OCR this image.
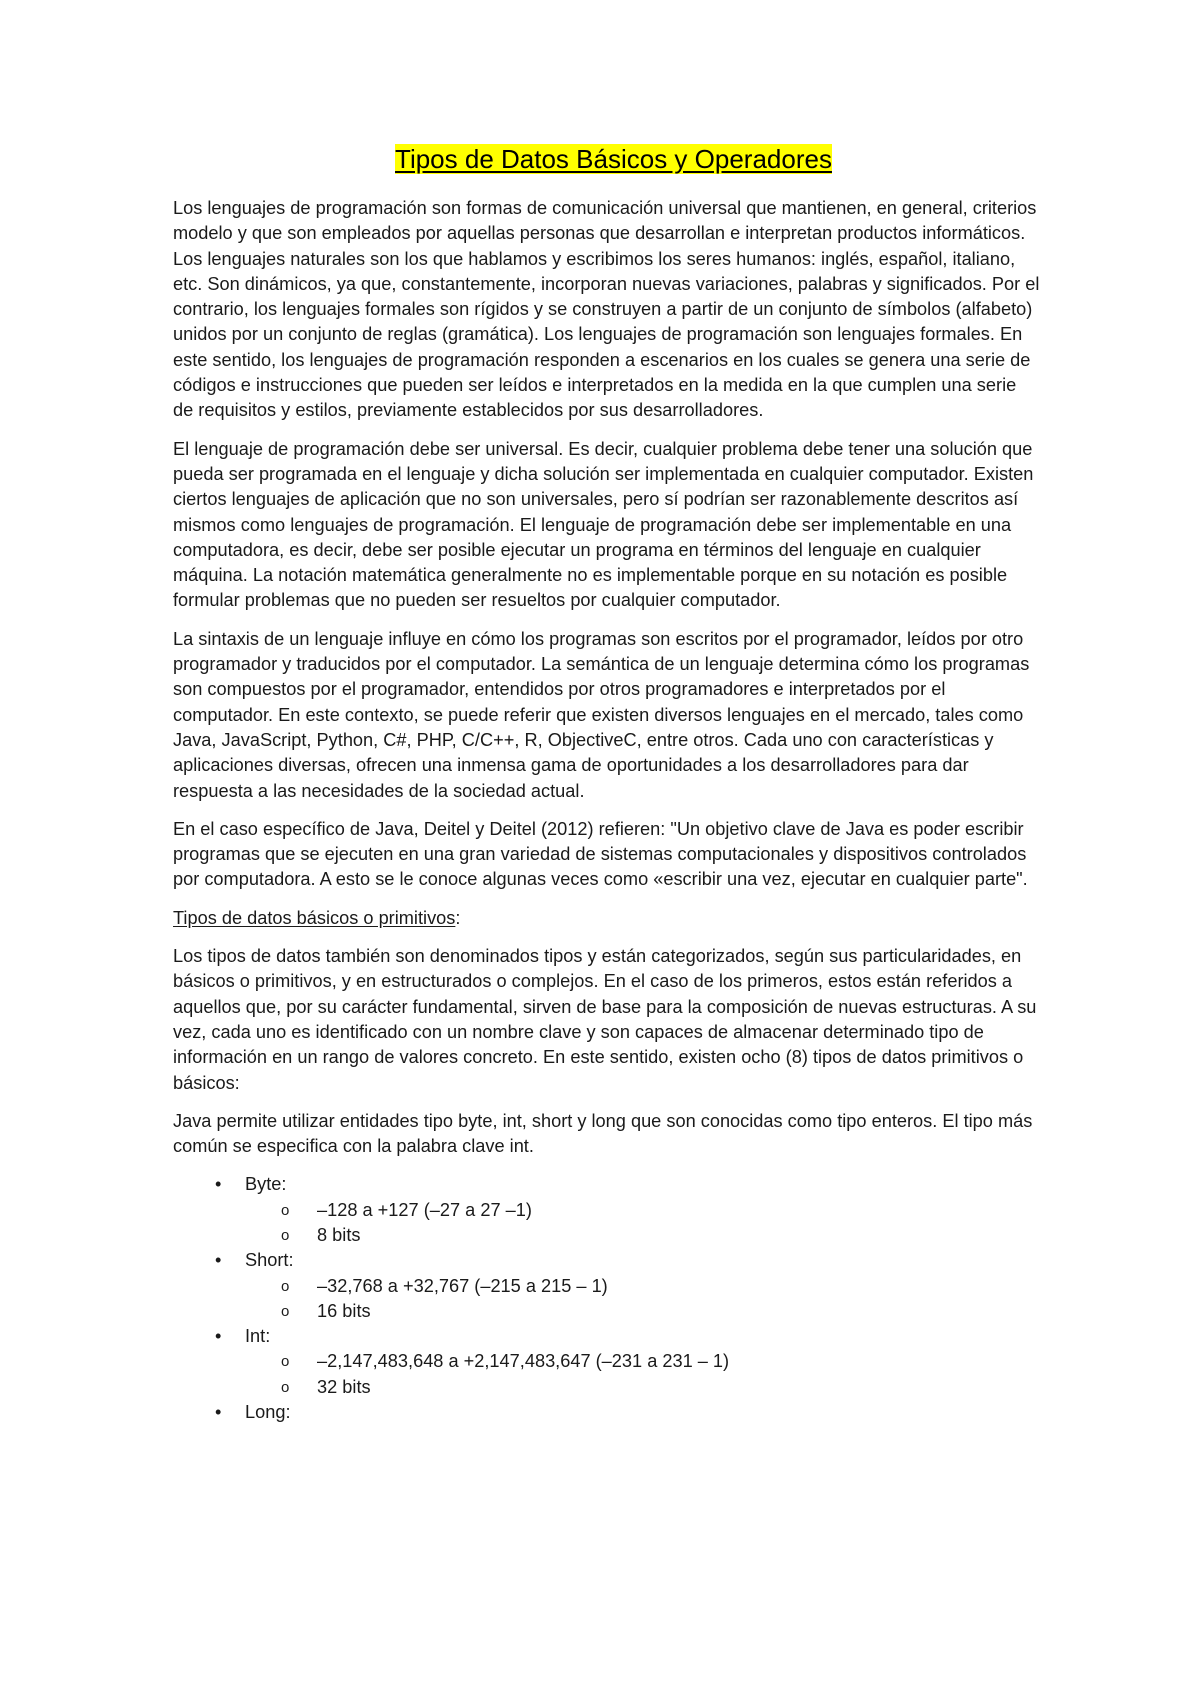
Tipos de Datos Básicos y Operadores

Los lenguajes de programación son formas de comunicación universal que mantienen, en general, criterios modelo y que son empleados por aquellas personas que desarrollan e interpretan productos informáticos. Los lenguajes naturales son los que hablamos y escribimos los seres humanos: inglés, español, italiano, etc. Son dinámicos, ya que, constantemente, incorporan nuevas variaciones, palabras y significados. Por el contrario, los lenguajes formales son rígidos y se construyen a partir de un conjunto de símbolos (alfabeto) unidos por un conjunto de reglas (gramática). Los lenguajes de programación son lenguajes formales. En este sentido, los lenguajes de programación responden a escenarios en los cuales se genera una serie de códigos e instrucciones que pueden ser leídos e interpretados en la medida en la que cumplen una serie de requisitos y estilos, previamente establecidos por sus desarrolladores.

El lenguaje de programación debe ser universal. Es decir, cualquier problema debe tener una solución que pueda ser programada en el lenguaje y dicha solución ser implementada en cualquier computador. Existen ciertos lenguajes de aplicación que no son universales, pero sí podrían ser razonablemente descritos así mismos como lenguajes de programación. El lenguaje de programación debe ser implementable en una computadora, es decir, debe ser posible ejecutar un programa en términos del lenguaje en cualquier máquina. La notación matemática generalmente no es implementable porque en su notación es posible formular problemas que no pueden ser resueltos por cualquier computador.

La sintaxis de un lenguaje influye en cómo los programas son escritos por el programador, leídos por otro programador y traducidos por el computador. La semántica de un lenguaje determina cómo los programas son compuestos por el programador, entendidos por otros programadores e interpretados por el computador. En este contexto, se puede referir que existen diversos lenguajes en el mercado, tales como Java, JavaScript, Python, C#, PHP, C/C++, R, ObjectiveC, entre otros. Cada uno con características y aplicaciones diversas, ofrecen una inmensa gama de oportunidades a los desarrolladores para dar respuesta a las necesidades de la sociedad actual.

En el caso específico de Java, Deitel y Deitel (2012) refieren: "Un objetivo clave de Java es poder escribir programas que se ejecuten en una gran variedad de sistemas computacionales y dispositivos controlados por computadora. A esto se le conoce algunas veces como «escribir una vez, ejecutar en cualquier parte".

Tipos de datos básicos o primitivos:

Los tipos de datos también son denominados tipos y están categorizados, según sus particularidades, en básicos o primitivos, y en estructurados o complejos. En el caso de los primeros, estos están referidos a aquellos que, por su carácter fundamental, sirven de base para la composición de nuevas estructuras. A su vez, cada uno es identificado con un nombre clave y son capaces de almacenar determinado tipo de información en un rango de valores concreto. En este sentido, existen ocho (8) tipos de datos primitivos o básicos:

Java permite utilizar entidades tipo byte, int, short y long que son conocidas como tipo enteros. El tipo más común se especifica con la palabra clave int.

• Byte:
o –128 a +127 (–27 a 27 –1)
o 8 bits
• Short:
o –32,768 a +32,767 (–215 a 215 – 1)
o 16 bits
• Int:
o –2,147,483,648 a +2,147,483,647 (–231 a 231 – 1)
o 32 bits
• Long:
